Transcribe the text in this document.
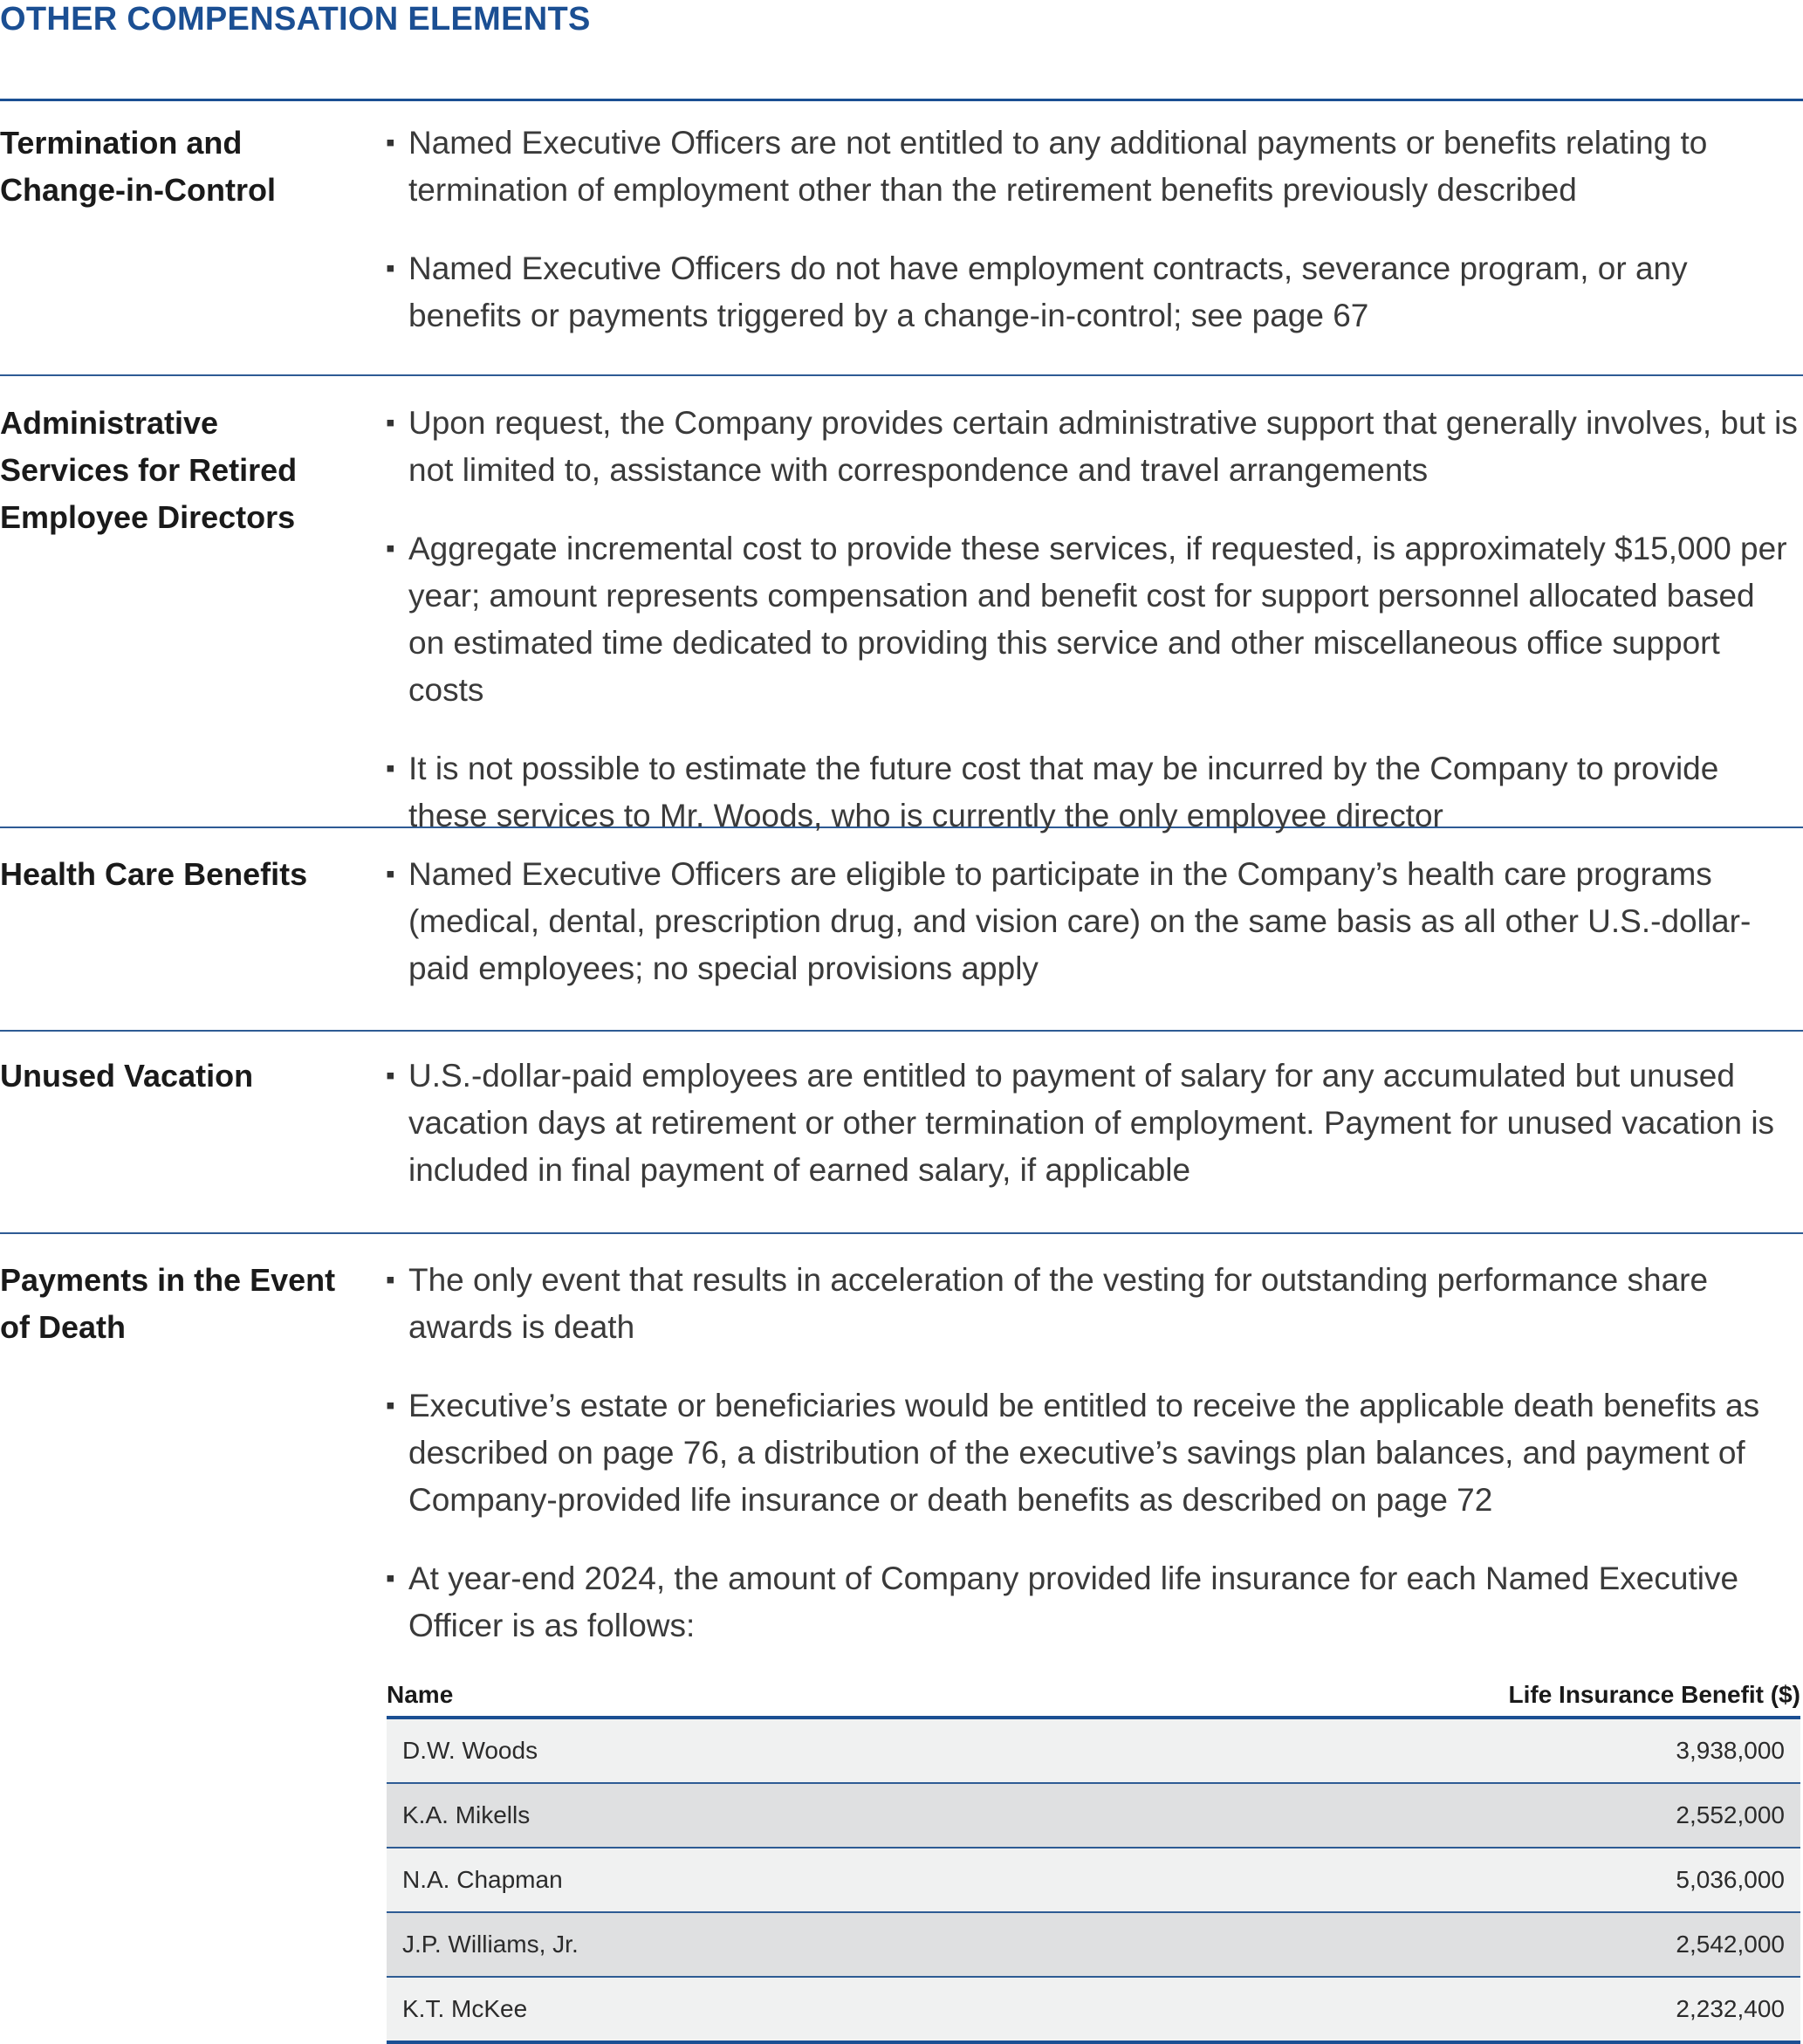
OTHER COMPENSATION ELEMENTS
Termination and Change-in-Control
▪ Named Executive Officers are not entitled to any additional payments or benefits relating to termination of employment other than the retirement benefits previously described
▪ Named Executive Officers do not have employment contracts, severance program, or any benefits or payments triggered by a change-in-control; see page 67
Administrative Services for Retired Employee Directors
▪ Upon request, the Company provides certain administrative support that generally involves, but is not limited to, assistance with correspondence and travel arrangements
▪ Aggregate incremental cost to provide these services, if requested, is approximately $15,000 per year; amount represents compensation and benefit cost for support personnel allocated based on estimated time dedicated to providing this service and other miscellaneous office support costs
▪ It is not possible to estimate the future cost that may be incurred by the Company to provide these services to Mr. Woods, who is currently the only employee director
Health Care Benefits	▪ Named Executive Officers are eligible to participate in the Company’s health care programs (medical, dental, prescription drug, and vision care) on the same basis as all other U.S.-dollar-paid employees; no special provisions apply
Unused Vacation	▪ U.S.-dollar-paid employees are entitled to payment of salary for any accumulated but unused vacation days at retirement or other termination of employment. Payment for unused vacation is included in final payment of earned salary, if applicable
Payments in the Event of Death
▪ The only event that results in acceleration of the vesting for outstanding performance share awards is death
▪ Executive’s estate or beneficiaries would be entitled to receive the applicable death benefits as described on page 76, a distribution of the executive’s savings plan balances, and payment of Company-provided life insurance or death benefits as described on page 72
▪ At year-end 2024, the amount of Company provided life insurance for each Named Executive Officer is as follows:
Name	Life Insurance Benefit ($)
D.W. Woods	3,938,000
K.A. Mikells	2,552,000
N.A. Chapman	5,036,000
J.P. Williams, Jr.	2,542,000
K.T. McKee	2,232,400
